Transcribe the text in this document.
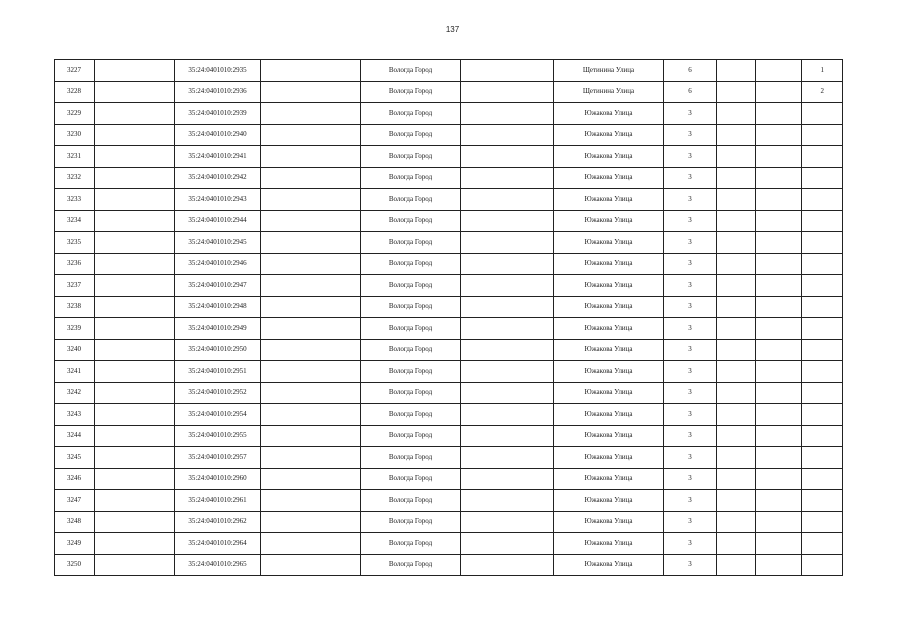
137
3227		35:24:0401010:2935		Вологда Город		Щетинина Улица	6			1
3228		35:24:0401010:2936		Вологда Город		Щетинина Улица	6			2
3229		35:24:0401010:2939		Вологда Город		Южакова Улица	3			
3230		35:24:0401010:2940		Вологда Город		Южакова Улица	3			
3231		35:24:0401010:2941		Вологда Город		Южакова Улица	3			
3232		35:24:0401010:2942		Вологда Город		Южакова Улица	3			
3233		35:24:0401010:2943		Вологда Город		Южакова Улица	3			
3234		35:24:0401010:2944		Вологда Город		Южакова Улица	3			
3235		35:24:0401010:2945		Вологда Город		Южакова Улица	3			
3236		35:24:0401010:2946		Вологда Город		Южакова Улица	3			
3237		35:24:0401010:2947		Вологда Город		Южакова Улица	3			
3238		35:24:0401010:2948		Вологда Город		Южакова Улица	3			
3239		35:24:0401010:2949		Вологда Город		Южакова Улица	3			
3240		35:24:0401010:2950		Вологда Город		Южакова Улица	3			
3241		35:24:0401010:2951		Вологда Город		Южакова Улица	3			
3242		35:24:0401010:2952		Вологда Город		Южакова Улица	3			
3243		35:24:0401010:2954		Вологда Город		Южакова Улица	3			
3244		35:24:0401010:2955		Вологда Город		Южакова Улица	3			
3245		35:24:0401010:2957		Вологда Город		Южакова Улица	3			
3246		35:24:0401010:2960		Вологда Город		Южакова Улица	3			
3247		35:24:0401010:2961		Вологда Город		Южакова Улица	3			
3248		35:24:0401010:2962		Вологда Город		Южакова Улица	3			
3249		35:24:0401010:2964		Вологда Город		Южакова Улица	3			
3250		35:24:0401010:2965		Вологда Город		Южакова Улица	3			
